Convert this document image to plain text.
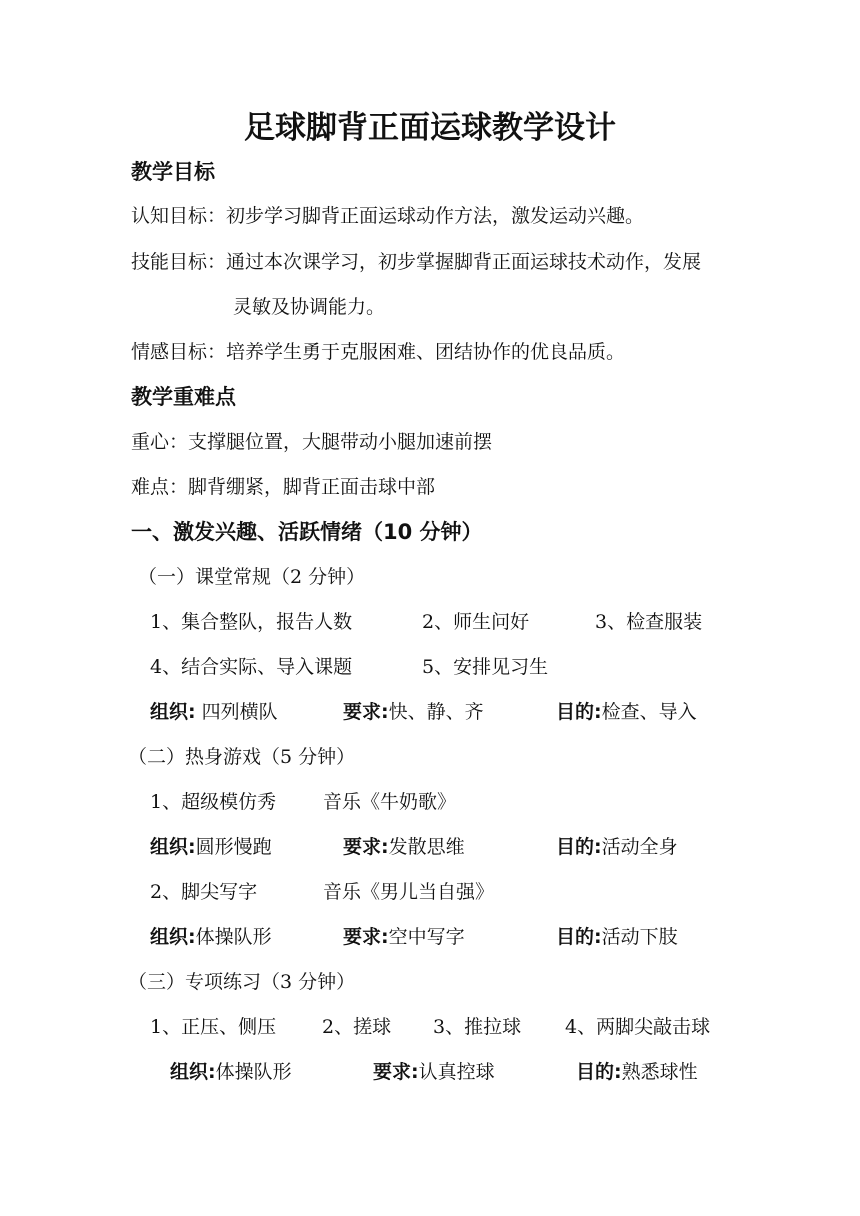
足球脚背正面运球教学设计
教学目标
认知目标：初步学习脚背正面运球动作方法，激发运动兴趣。
技能目标：通过本次课学习，初步掌握脚背正面运球技术动作，发展
灵敏及协调能力。
情感目标：培养学生勇于克服困难、团结协作的优良品质。
教学重难点
重心：支撑腿位置，大腿带动小腿加速前摆
难点：脚背绷紧，脚背正面击球中部
一、激发兴趣、活跃情绪（10 分钟）
（一）课堂常规（2 分钟）
1、集合整队，报告人数	2、师生问好	3、检查服装
4、结合实际、导入课题	5、安排见习生
组织: 四列横队	要求:快、静、齐	目的:检查、导入
（二）热身游戏（5 分钟）
1、超级模仿秀 音乐《牛奶歌》
组织:圆形慢跑	要求:发散思维	目的:活动全身
2、脚尖写字	音乐《男儿当自强》
组织:体操队形	要求:空中写字	目的:活动下肢
（三）专项练习（3 分钟）
1、正压、侧压 2、搓球 3、推拉球 4、两脚尖敲击球
组织:体操队形	要求:认真控球	目的:熟悉球性
